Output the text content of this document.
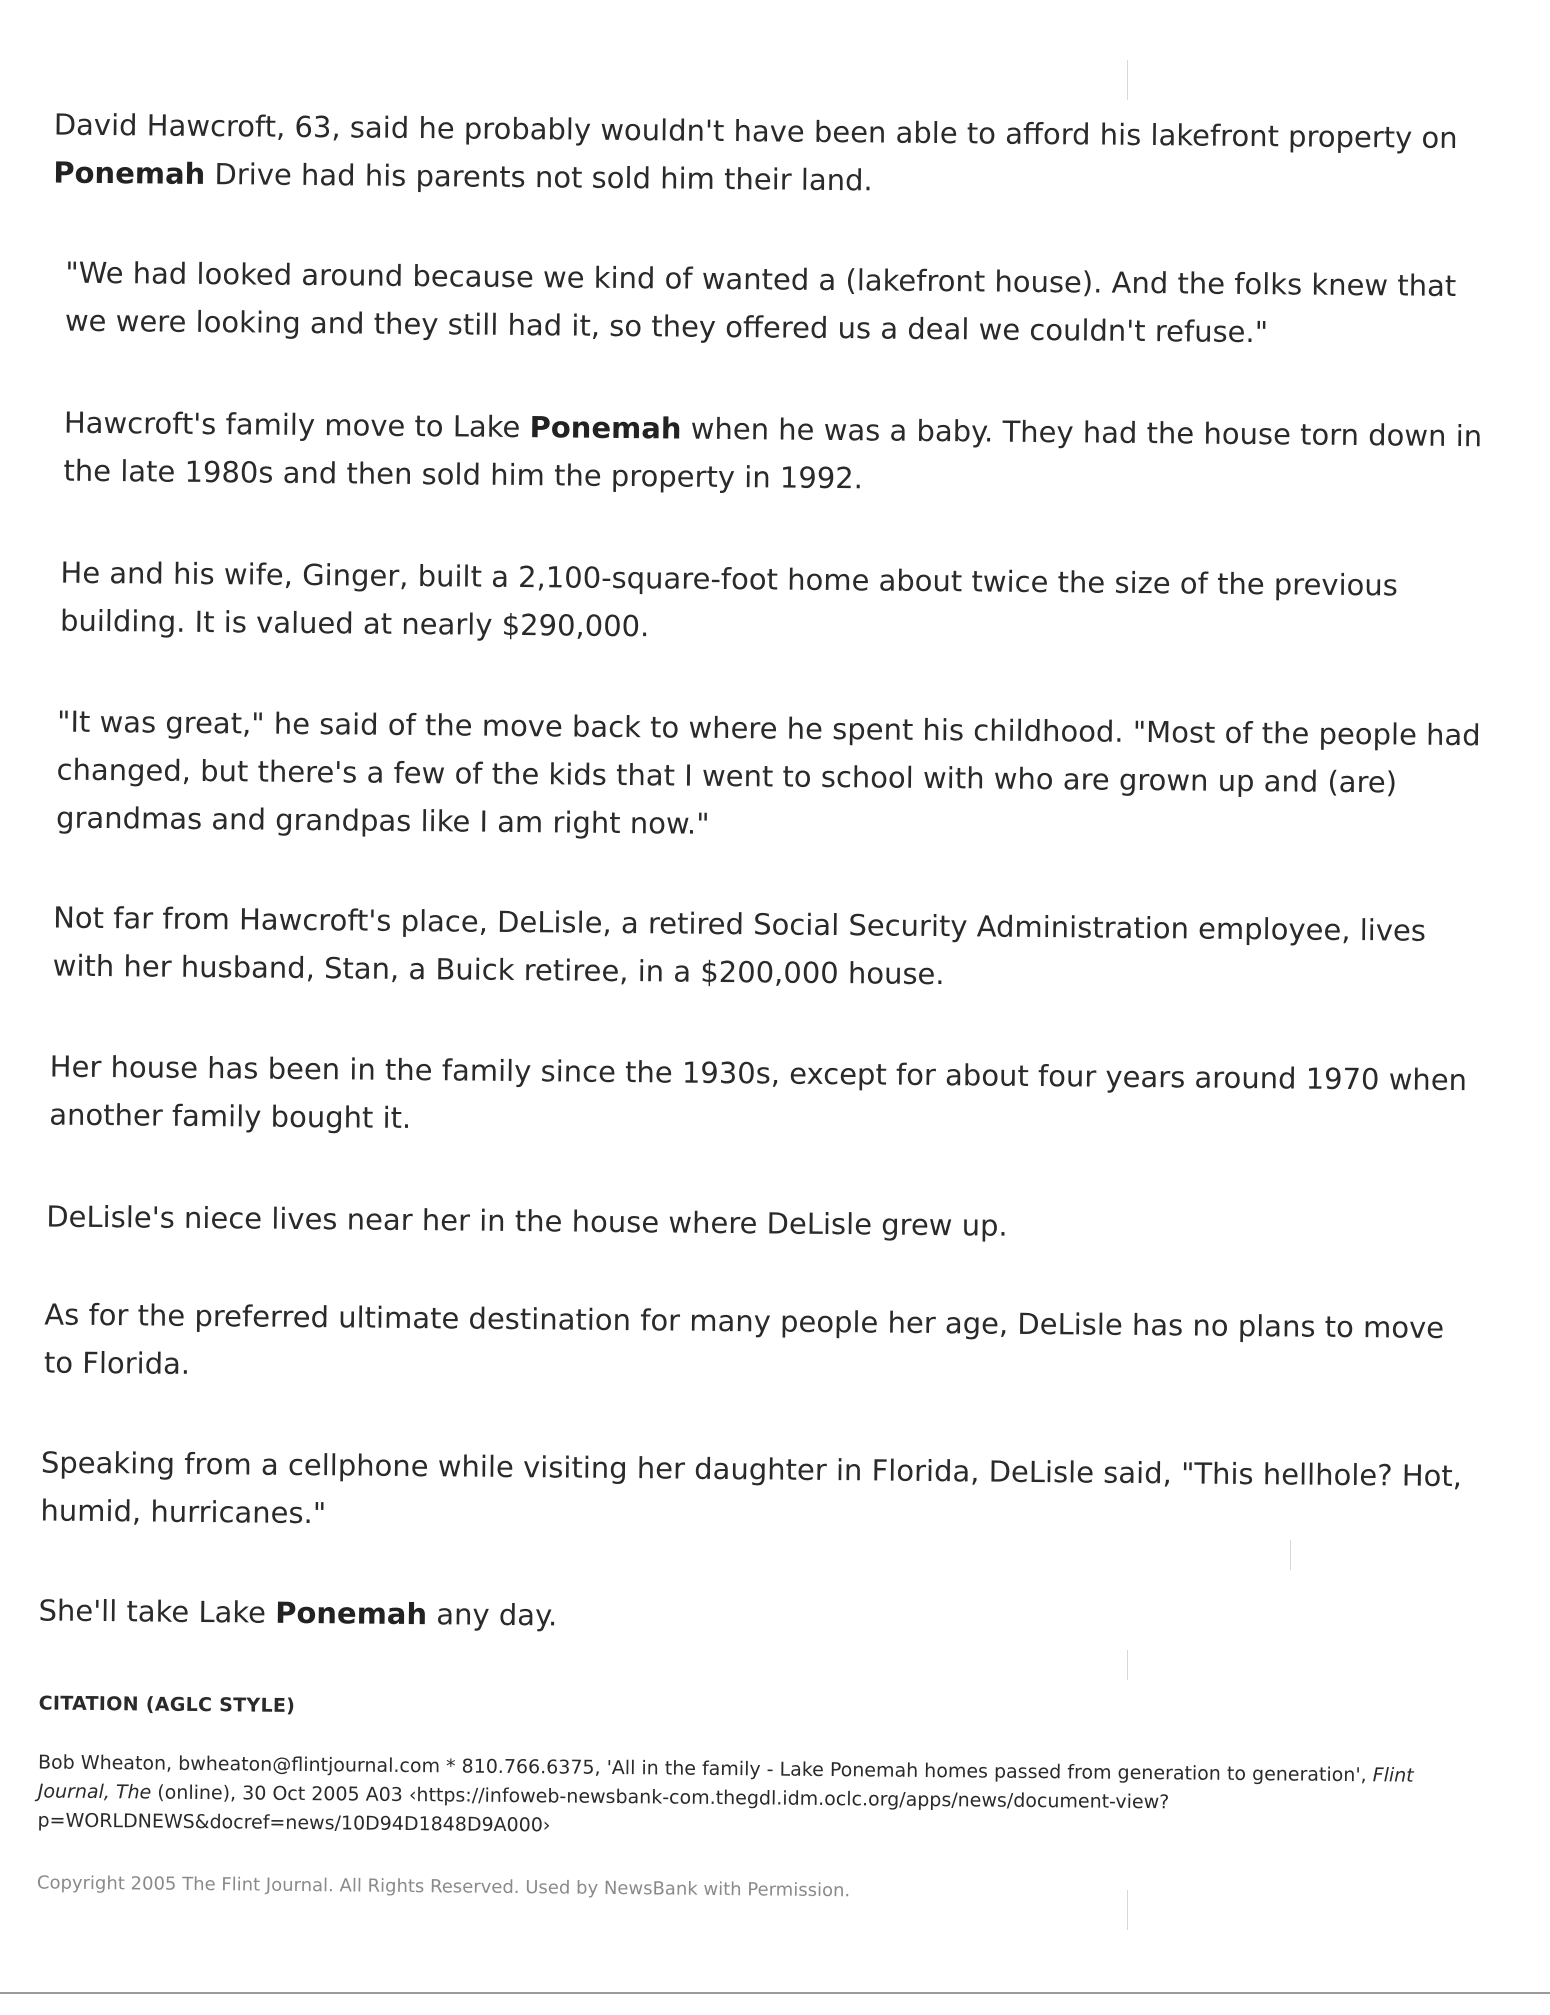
David Hawcroft, 63, said he probably wouldn't have been able to afford his lakefront property on Ponemah Drive had his parents not sold him their land.

"We had looked around because we kind of wanted a (lakefront house). And the folks knew that we were looking and they still had it, so they offered us a deal we couldn't refuse."

Hawcroft's family move to Lake Ponemah when he was a baby. They had the house torn down in the late 1980s and then sold him the property in 1992.

He and his wife, Ginger, built a 2,100-square-foot home about twice the size of the previous building. It is valued at nearly $290,000.

"It was great," he said of the move back to where he spent his childhood. "Most of the people had changed, but there's a few of the kids that I went to school with who are grown up and (are) grandmas and grandpas like I am right now."

Not far from Hawcroft's place, DeLisle, a retired Social Security Administration employee, lives with her husband, Stan, a Buick retiree, in a $200,000 house.

Her house has been in the family since the 1930s, except for about four years around 1970 when another family bought it.

DeLisle's niece lives near her in the house where DeLisle grew up.

As for the preferred ultimate destination for many people her age, DeLisle has no plans to move to Florida.

Speaking from a cellphone while visiting her daughter in Florida, DeLisle said, "This hellhole? Hot, humid, hurricanes."

She'll take Lake Ponemah any day.

CITATION (AGLC STYLE)

Bob Wheaton, bwheaton@flintjournal.com * 810.766.6375, 'All in the family - Lake Ponemah homes passed from generation to generation', Flint Journal, The (online), 30 Oct 2005 A03 ‹https://infoweb-newsbank-com.thegdl.idm.oclc.org/apps/news/document-view?p=WORLDNEWS&docref=news/10D94D1848D9A000›

Copyright 2005 The Flint Journal. All Rights Reserved. Used by NewsBank with Permission.
